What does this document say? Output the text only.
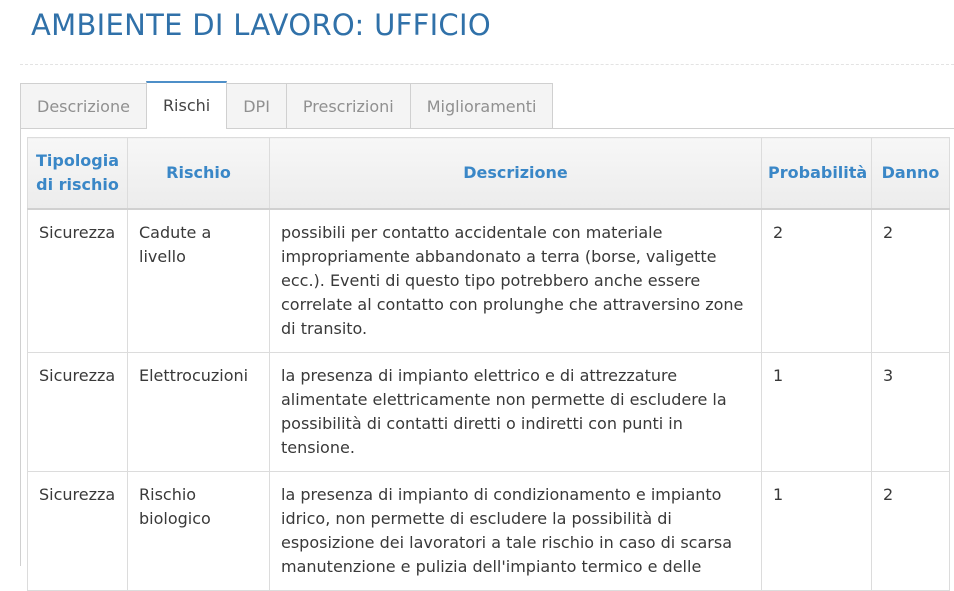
AMBIENTE DI LAVORO: UFFICIO
Descrizione	Rischi	DPI	Prescrizioni	Miglioramenti
Tipologia di rischio	Rischio	Descrizione	Probabilità	Danno
Sicurezza	Cadute a livello	possibili per contatto accidentale con materiale impropriamente abbandonato a terra (borse, valigette ecc.). Eventi di questo tipo potrebbero anche essere correlate al contatto con prolunghe che attraversino zone di transito.	2	2
Sicurezza	Elettrocuzioni	la presenza di impianto elettrico e di attrezzature alimentate elettricamente non permette di escludere la possibilità di contatti diretti o indiretti con punti in tensione.	1	3
Sicurezza	Rischio biologico	la presenza di impianto di condizionamento e impianto idrico, non permette di escludere la possibilità di esposizione dei lavoratori a tale rischio in caso di scarsa manutenzione e pulizia dell'impianto termico e delle	1	2
